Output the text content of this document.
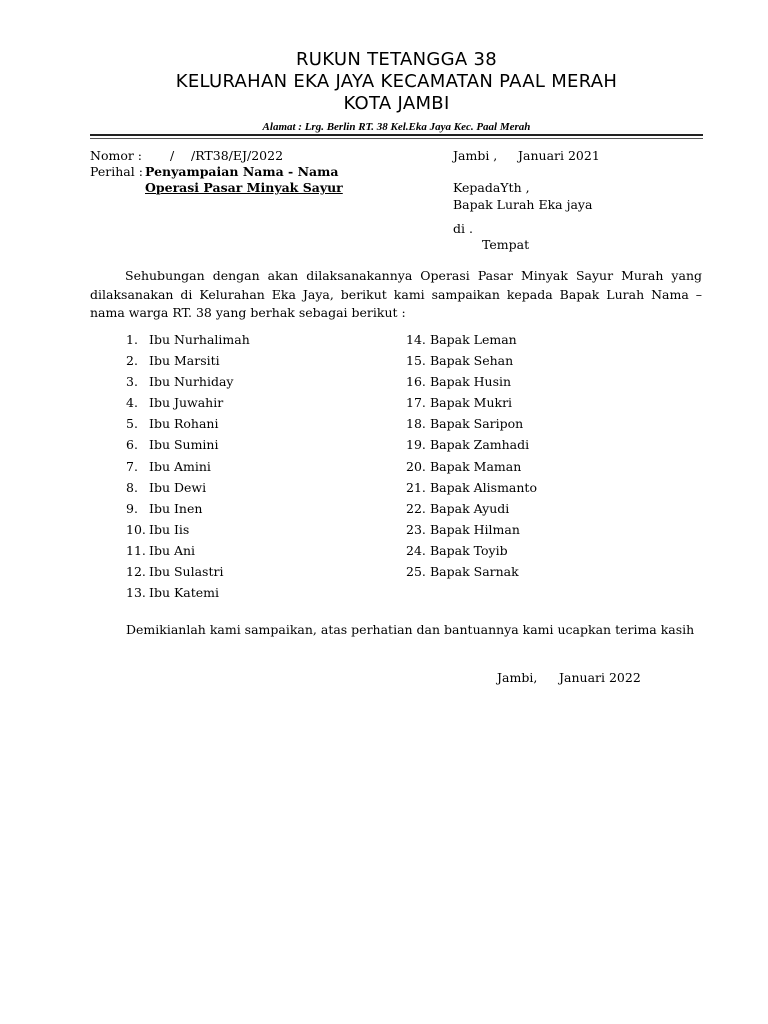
RUKUN TETANGGA 38
KELURAHAN EKA JAYA KECAMATAN PAAL MERAH
KOTA JAMBI
Alamat : Lrg. Berlin RT. 38 Kel.Eka Jaya Kec. Paal Merah
Nomor : / /RT38/EJ/2022
Perihal : Penyampaian Nama - Nama
Operasi Pasar Minyak Sayur
Jambi , Januari 2021
KepadaYth ,
Bapak Lurah Eka jaya
di .
Tempat
Sehubungan dengan akan dilaksanakannya Operasi Pasar Minyak Sayur Murah yang dilaksanakan di Kelurahan Eka Jaya, berikut kami sampaikan kepada Bapak Lurah Nama – nama warga RT. 38 yang berhak sebagai berikut :
1. Ibu Nurhalimah
2. Ibu Marsiti
3. Ibu Nurhiday
4. Ibu Juwahir
5. Ibu Rohani
6. Ibu Sumini
7. Ibu Amini
8. Ibu Dewi
9. Ibu Inen
10. Ibu Iis
11. Ibu Ani
12. Ibu Sulastri
13. Ibu Katemi
14. Bapak Leman
15. Bapak Sehan
16. Bapak Husin
17. Bapak Mukri
18. Bapak Saripon
19. Bapak Zamhadi
20. Bapak Maman
21. Bapak Alismanto
22. Bapak Ayudi
23. Bapak Hilman
24. Bapak Toyib
25. Bapak Sarnak
Demikianlah kami sampaikan, atas perhatian dan bantuannya kami ucapkan terima kasih
Jambi, Januari 2022
